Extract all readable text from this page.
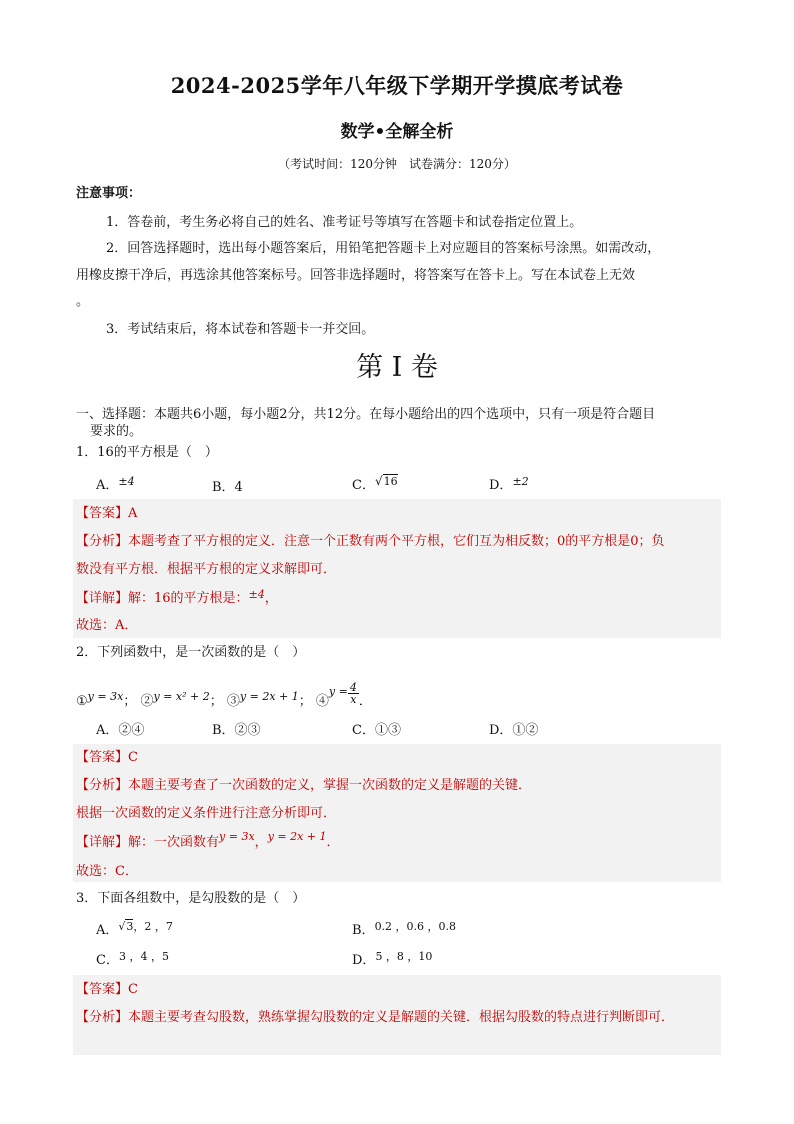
2024-2025学年八年级下学期开学摸底考试卷
数学•全解全析
（考试时间：120分钟　试卷满分：120分）
注意事项：
1．答卷前，考生务必将自己的姓名、准考证号等填写在答题卡和试卷指定位置上。
2．回答选择题时，选出每小题答案后，用铅笔把答题卡上对应题目的答案标号涂黑。如需改动，
用橡皮擦干净后，再选涂其他答案标号。回答非选择题时，将答案写在答卡上。写在本试卷上无效
。
3．考试结束后，将本试卷和答题卡一并交回。
第 I 卷
一、选择题：本题共6小题，每小题2分，共12分。在每小题给出的四个选项中，只有一项是符合题目
要求的。
1．16的平方根是（　）
A．$^{\pm 4}$	B．4	C．√16	D．$^{\pm 2}$
【答案】A
【分析】本题考查了平方根的定义．注意一个正数有两个平方根，它们互为相反数；0的平方根是0；负
数没有平方根．根据平方根的定义求解即可．
【详解】解：16的平方根是：$^{\pm 4}$，
故选：A．
2．下列函数中，是一次函数的是（　）
①$^{y = 3x}$； ②$^{y = x^2 + 2}$； ③$^{y = 2x + 1}$； ④$^{y =}$ $\frac{4}{x}$ ．
A．②④	B．②③	C．①③	D．①②
【答案】C
【分析】本题主要考查了一次函数的定义，掌握一次函数的定义是解题的关键．
根据一次函数的定义条件进行注意分析即可．
【详解】解：一次函数有$^{y = 3x}$，$^{y = 2x + 1}$．
故选：C．
3．下面各组数中，是勾股数的是（　）
A．$^√3^{,2 ,7}$	B．$^{0.2 ,0.6 ,0.8}$
C．$^{3 ,4 ,5}$	D．$^{5 ,8 ,10}$
【答案】C
【分析】本题主要考查勾股数，熟练掌握勾股数的定义是解题的关键．根据勾股数的特点进行判断即可．
